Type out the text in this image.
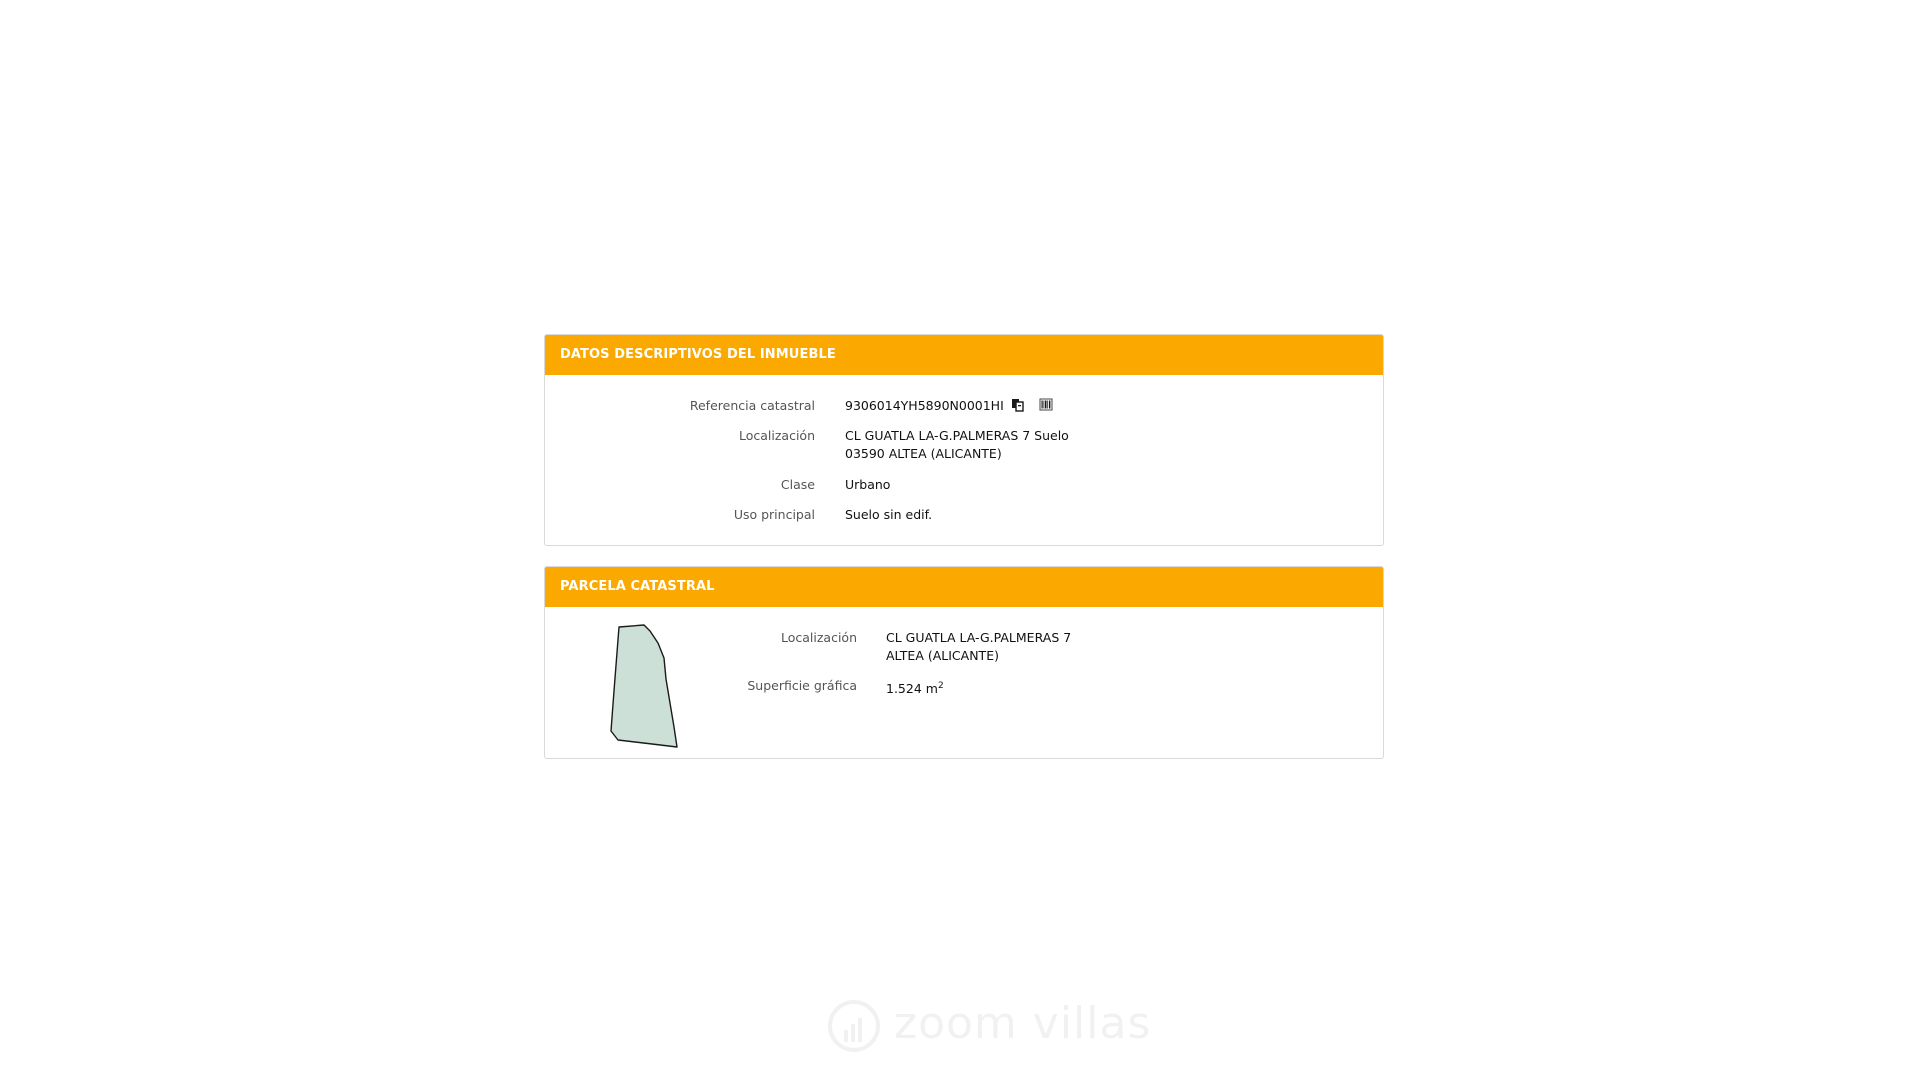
DATOS DESCRIPTIVOS DEL INMUEBLE
Referencia catastral 9306014YH5890N0001HI
Localización CL GUATLA LA-G.PALMERAS 7 Suelo
03590 ALTEA (ALICANTE)
Clase Urbano
Uso principal Suelo sin edif.
PARCELA CATASTRAL
Localización CL GUATLA LA-G.PALMERAS 7
ALTEA (ALICANTE)
Superficie gráfica 1.524 $m^2$
zoom villas
